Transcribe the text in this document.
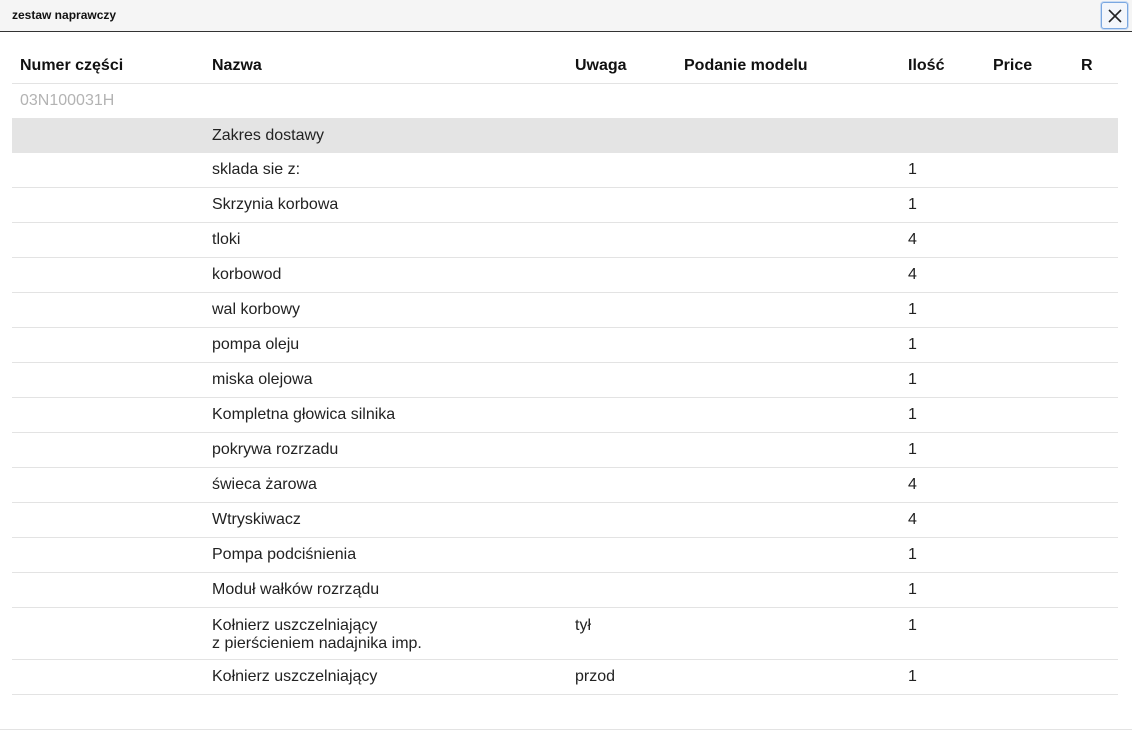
zestaw naprawczy
Numer części	Nazwa	Uwaga	Podanie modelu	Ilość	Price	R
03N100031H						
	Zakres dostawy					
	sklada sie z:			1		
	Skrzynia korbowa			1		
	tloki			4		
	korbowod			4		
	wal korbowy			1		
	pompa oleju			1		
	miska olejowa			1		
	Kompletna głowica silnika			1		
	pokrywa rozrzadu			1		
	świeca żarowa			4		
	Wtryskiwacz			4		
	Pompa podciśnienia			1		
	Moduł wałków rozrządu			1		

	Kołnierz uszczelniający
z pierścieniem nadajnika imp.	tył		1		
	Kołnierz uszczelniający	przod		1		
